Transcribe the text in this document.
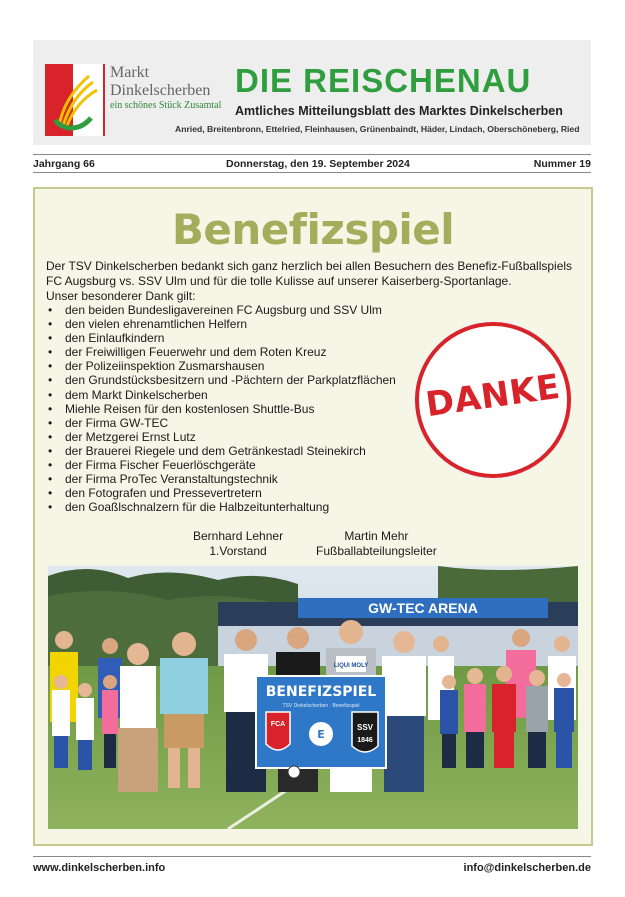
Markt
Dinkelscherben
ein schönes Stück Zusamtal
DIE REISCHENAU
Amtliches Mitteilungsblatt des Marktes Dinkelscherben
Anried, Breitenbronn, Ettelried, Fleinhausen, Grünenbaindt, Häder, Lindach, Oberschöneberg, Ried
Jahrgang 66	Donnerstag, den 19. September 2024	Nummer 19
Benefizspiel

Der TSV Dinkelscherben bedankt sich ganz herzlich bei allen Besuchern des Benefiz-Fußballspiels

FC Augsburg vs. SSV Ulm und für die tolle Kulisse auf unserer Kaiserberg-Sportanlage.

Unser besonderer Dank gilt:

• den beiden Bundesligavereinen FC Augsburg und SSV Ulm
• den vielen ehrenamtlichen Helfern
• den Einlaufkindern
• der Freiwilligen Feuerwehr und dem Roten Kreuz
• der Polizeiinspektion Zusmarshausen
• den Grundstücksbesitzern und -Pächtern der Parkplatzflächen
• dem Markt Dinkelscherben
• Miehle Reisen für den kostenlosen Shuttle-Bus
• der Firma GW-TEC
• der Metzgerei Ernst Lutz
• der Brauerei Riegele und dem Getränkestadl Steinekirch
• der Firma Fischer Feuerlöschgeräte
• der Firma ProTec Veranstaltungstechnik
• den Fotografen und Pressevertretern
• den Goaßlschnalzern für die Halbzeitunterhaltung
DANKE
Bernhard Lehner
1.Vorstand
Martin Mehr
Fußballabteilungsleiter
GW-TEC ARENA
LIQUI MOLY
BENEFIZSPIEL
TSV Dinkelscherben · Benefizspiel
FCA
E
SSV
1846
www.dinkelscherben.info	info@dinkelscherben.de
